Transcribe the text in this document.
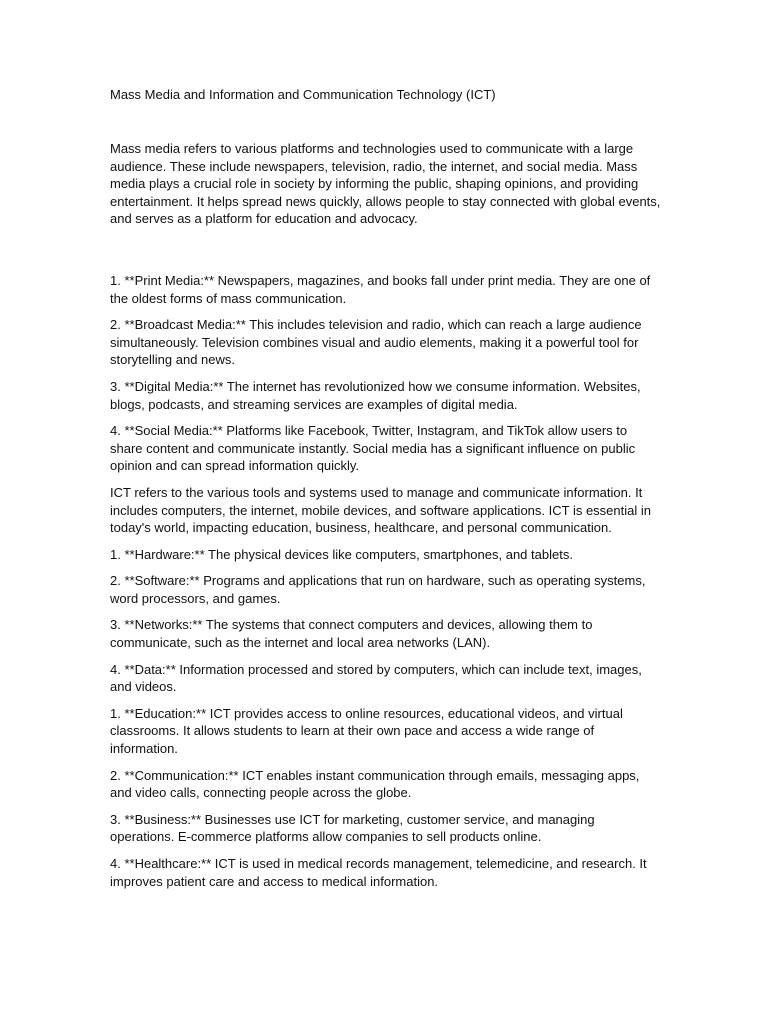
Mass Media and Information and Communication Technology (ICT)

Mass media refers to various platforms and technologies used to communicate with a large audience. These include newspapers, television, radio, the internet, and social media. Mass media plays a crucial role in society by informing the public, shaping opinions, and providing entertainment. It helps spread news quickly, allows people to stay connected with global events, and serves as a platform for education and advocacy.

1. **Print Media:** Newspapers, magazines, and books fall under print media. They are one of the oldest forms of mass communication.

2. **Broadcast Media:** This includes television and radio, which can reach a large audience simultaneously. Television combines visual and audio elements, making it a powerful tool for storytelling and news.

3. **Digital Media:** The internet has revolutionized how we consume information. Websites, blogs, podcasts, and streaming services are examples of digital media.

4. **Social Media:** Platforms like Facebook, Twitter, Instagram, and TikTok allow users to share content and communicate instantly. Social media has a significant influence on public opinion and can spread information quickly.

ICT refers to the various tools and systems used to manage and communicate information. It includes computers, the internet, mobile devices, and software applications. ICT is essential in today's world, impacting education, business, healthcare, and personal communication.

1. **Hardware:** The physical devices like computers, smartphones, and tablets.

2. **Software:** Programs and applications that run on hardware, such as operating systems, word processors, and games.

3. **Networks:** The systems that connect computers and devices, allowing them to communicate, such as the internet and local area networks (LAN).

4. **Data:** Information processed and stored by computers, which can include text, images, and videos.

1. **Education:** ICT provides access to online resources, educational videos, and virtual classrooms. It allows students to learn at their own pace and access a wide range of information.

2. **Communication:** ICT enables instant communication through emails, messaging apps, and video calls, connecting people across the globe.

3. **Business:** Businesses use ICT for marketing, customer service, and managing operations. E-commerce platforms allow companies to sell products online.

4. **Healthcare:** ICT is used in medical records management, telemedicine, and research. It improves patient care and access to medical information.
